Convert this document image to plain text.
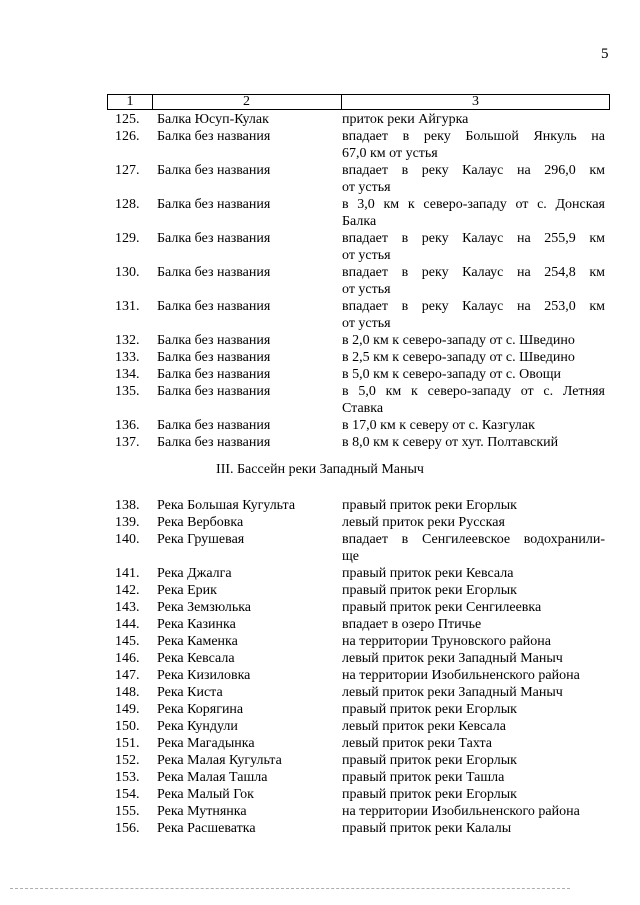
5
1	2	3
125.	Балка Юсуп-Кулак	приток реки Айгурка
126.	Балка без названия	впадает в реку Большой Янкуль на
67,0 км от устья
127.	Балка без названия	впадает в реку Калаус на 296,0 км
от устья
128.	Балка без названия	в 3,0 км к северо-западу от с. Донская
Балка
129.	Балка без названия	впадает в реку Калаус на 255,9 км
от устья
130.	Балка без названия	впадает в реку Калаус на 254,8 км
от устья
131.	Балка без названия	впадает в реку Калаус на 253,0 км
от устья
132.	Балка без названия	в 2,0 км к северо-западу от с. Шведино
133.	Балка без названия	в 2,5 км к северо-западу от с. Шведино
134.	Балка без названия	в 5,0 км к северо-западу от с. Овощи
135.	Балка без названия	в 5,0 км к северо-западу от с. Летняя
Ставка
136.	Балка без названия	в 17,0 км к северу от с. Казгулак
137.	Балка без названия	в 8,0 км к северу от хут. Полтавский
III. Бассейн реки Западный Маныч
138.	Река Большая Кугульта	правый приток реки Егорлык
139.	Река Вербовка	левый приток реки Русская
140.	Река Грушевая	впадает в Сенгилеевское водохранили-
ще
141.	Река Джалга	правый приток реки Кевсала
142.	Река Ерик	правый приток реки Егорлык
143.	Река Земзюлька	правый приток реки Сенгилеевка
144.	Река Казинка	впадает в озеро Птичье
145.	Река Каменка	на территории Труновского района
146.	Река Кевсала	левый приток реки Западный Маныч
147.	Река Кизиловка	на территории Изобильненского района
148.	Река Киста	левый приток реки Западный Маныч
149.	Река Корягина	правый приток реки Егорлык
150.	Река Кундули	левый приток реки Кевсала
151.	Река Магадынка	левый приток реки Тахта
152.	Река Малая Кугульта	правый приток реки Егорлык
153.	Река Малая Ташла	правый приток реки Ташла
154.	Река Малый Гок	правый приток реки Егорлык
155.	Река Мутнянка	на территории Изобильненского района
156.	Река Расшеватка	правый приток реки Калалы
